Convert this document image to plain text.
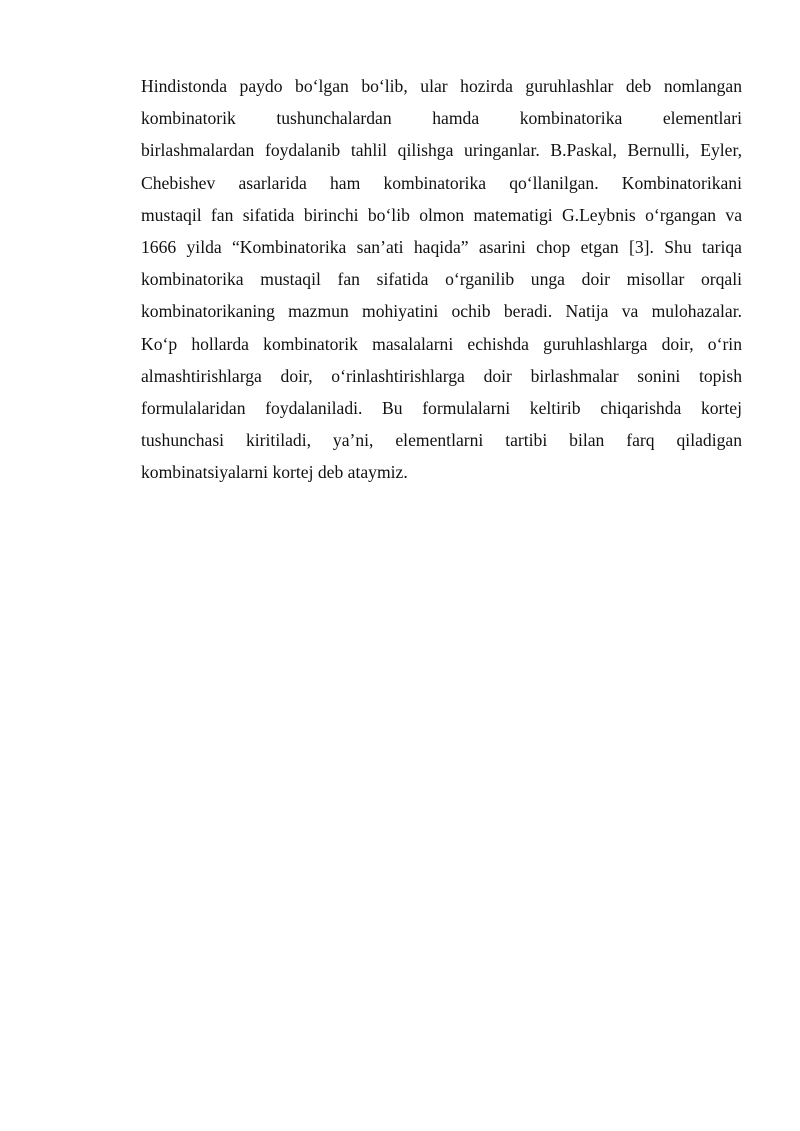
Hindistonda paydo bo‘lgan bo‘lib, ular hozirda guruhlashlar deb nomlangan
kombinatorik tushunchalardan hamda kombinatorika elementlari
birlashmalardan foydalanib tahlil qilishga uringanlar. B.Paskal, Bernulli, Eyler,
Chebishev asarlarida ham kombinatorika qo‘llanilgan. Kombinatorikani
mustaqil fan sifatida birinchi bo‘lib olmon matematigi G.Leybnis o‘rgangan va
1666 yilda “Kombinatorika san’ati haqida” asarini chop etgan [3]. Shu tariqa
kombinatorika mustaqil fan sifatida o‘rganilib unga doir misollar orqali
kombinatorikaning mazmun mohiyatini ochib beradi. Natija va mulohazalar.
Ko‘p hollarda kombinatorik masalalarni echishda guruhlashlarga doir, o‘rin
almashtirishlarga doir, o‘rinlashtirishlarga doir birlashmalar sonini topish
formulalaridan foydalaniladi. Bu formulalarni keltirib chiqarishda kortej
tushunchasi kiritiladi, ya’ni, elementlarni tartibi bilan farq qiladigan
kombinatsiyalarni kortej deb ataymiz.
